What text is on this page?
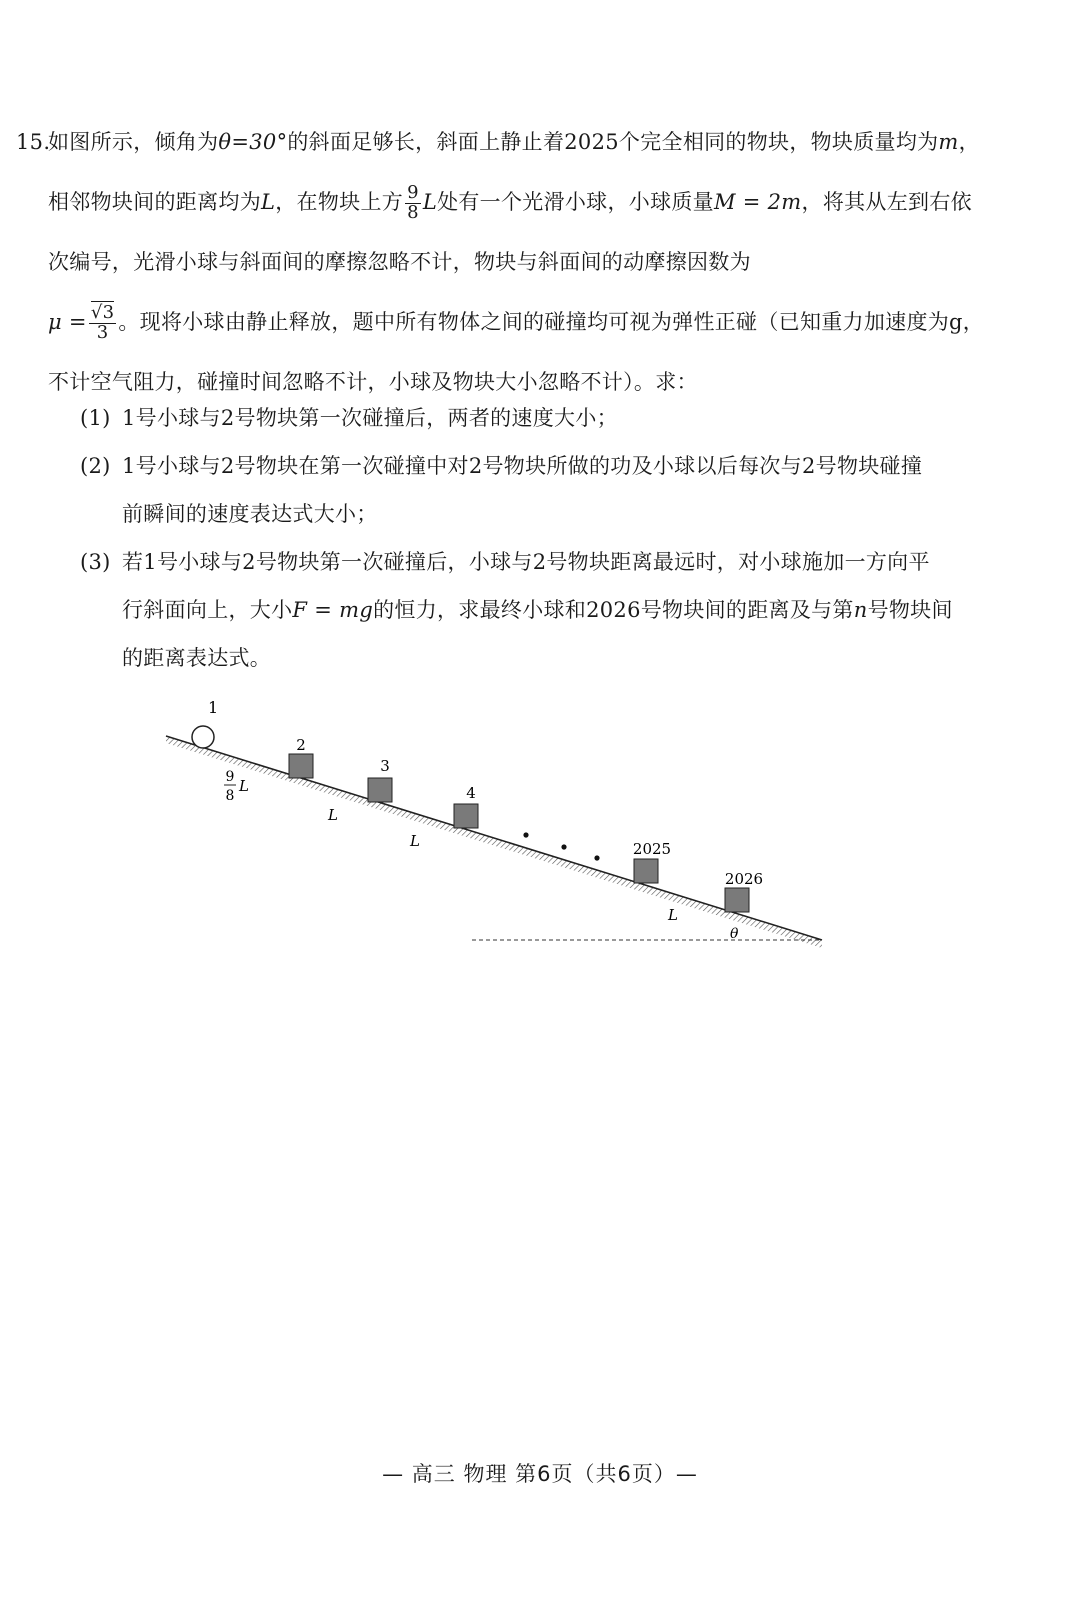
15.如图所示，倾角为θ=30°的斜面足够长，斜面上静止着2025个完全相同的物块，物块质量均为m，相邻物块间的距离均为L，在物块上方 $\frac{9}{8}$ L处有一个光滑小球，小球质量M = 2m，将其从左到右依次编号，光滑小球与斜面间的摩擦忽略不计，物块与斜面间的动摩擦因数为
$\mu = \frac{√3}{3}$ 。现将小球由静止释放，题中所有物体之间的碰撞均可视为弹性正碰（已知重力加速度为g，不计空气阻力，碰撞时间忽略不计，小球及物块大小忽略不计）。求：
(1) 1号小球与2号物块第一次碰撞后，两者的速度大小；
(2) 1号小球与2号物块在第一次碰撞中对2号物块所做的功及小球以后每次与2号物块碰撞
前瞬间的速度表达式大小；
(3) 若1号小球与2号物块第一次碰撞后，小球与2号物块距离最远时，对小球施加一方向平
行斜面向上，大小F = mg的恒力，求最终小球和2026号物块间的距离及与第n号物块间
的距离表达式。
1
2
3
4
2025
2026
9
8
L
L
L
L
θ
— 高三 物理 第6页（共6页）—
